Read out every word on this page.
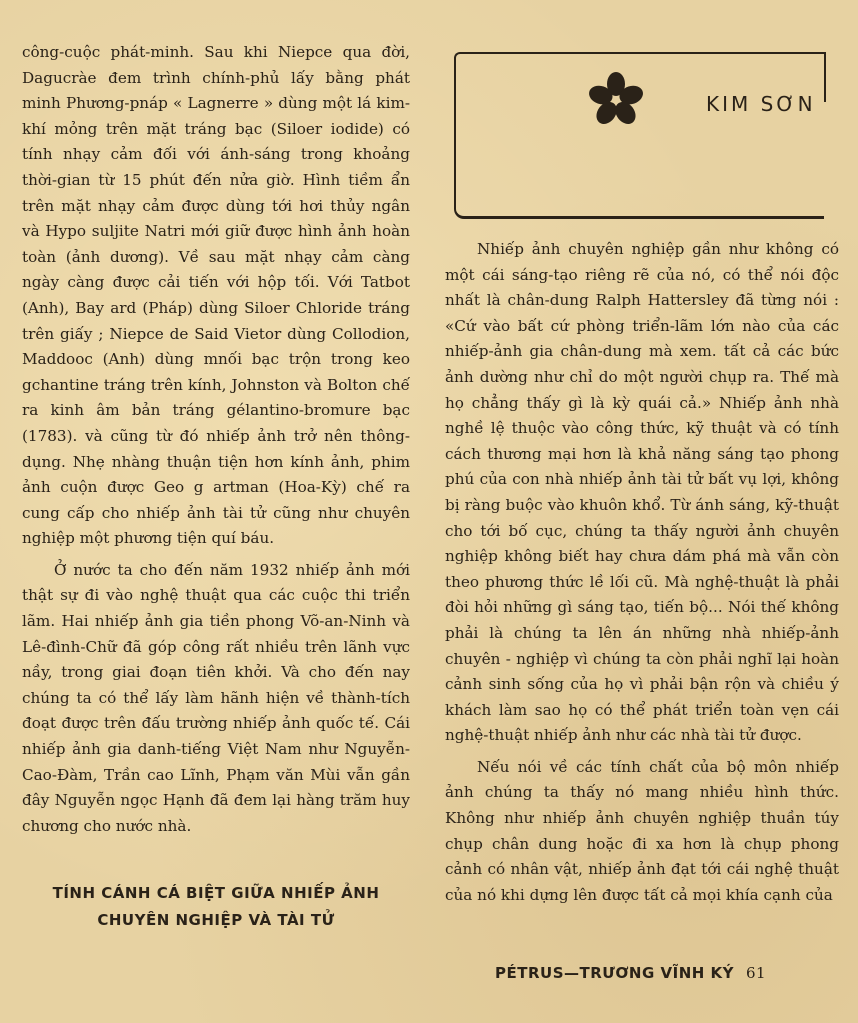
công-cuộc phát-minh. Sau khi Niepce qua đời, Dagucràe đem trình chính-phủ lấy bằng phát minh Phương-pnáp « Lagnerre » dùng một lá kim-khí mỏng trên mặt tráng bạc (Siloer iodide) có tính nhạy cảm đối với ánh-sáng trong khoảng thời-gian từ 15 phút đến nửa giờ. Hình tiềm ẩn trên mặt nhạy cảm được dùng tới hơi thủy ngân và Hypo suljite Natri mới giữ được hình ảnh hoàn toàn (ảnh dương). Về sau mặt nhạy cảm càng ngày càng được cải tiến với hộp tối. Với Tatbot (Anh), Bay ard (Pháp) dùng Siloer Chloride tráng trên giấy ; Niepce de Said Vietor dùng Collodion, Maddooc (Anh) dùng mnối bạc trộn trong keo gchantine tráng trên kính, Johnston và Bolton chế ra kinh âm bản tráng gélantino-bromure bạc (1783). và cũng từ đó nhiếp ảnh trở nên thông-dụng. Nhẹ nhàng thuận tiện hơn kính ảnh, phim ảnh cuộn được Geo g artman (Hoa-Kỳ) chế ra cung cấp cho nhiếp ảnh tài tử cũng như chuyên nghiệp một phương tiện quí báu.

Ở nước ta cho đến năm 1932 nhiếp ảnh mới thật sự đi vào nghệ thuật qua các cuộc thi triển lãm. Hai nhiếp ảnh gia tiền phong Võ-an-Ninh và Lê-đình-Chữ đã góp công rất nhiều trên lãnh vực nầy, trong giai đoạn tiên khởi. Và cho đến nay chúng ta có thể lấy làm hãnh hiện về thành-tích đoạt được trên đấu trường nhiếp ảnh quốc tế. Cái nhiếp ảnh gia danh-tiếng Việt Nam như Nguyễn-Cao-Đàm, Trần cao Lĩnh, Phạm văn Mùi vẫn gần đây Nguyễn ngọc Hạnh đã đem lại hàng trăm huy chương cho nước nhà.

TÍNH CÁNH CÁ BIỆT GIỮA NHIẾP ẢNH
CHUYÊN NGHIỆP VÀ TÀI TỬ
KIM SƠN

Nhiếp ảnh chuyên nghiệp gần như không có một cái sáng-tạo riêng rẽ của nó, có thể nói độc nhất là chân-dung Ralph Hattersley đã từng nói : «Cứ vào bất cứ phòng triển-lãm lớn nào của các nhiếp-ảnh gia chân-dung mà xem. tất cả các bức ảnh dường như chỉ do một người chụp ra. Thế mà họ chẳng thấy gì là kỳ quái cả.» Nhiếp ảnh nhà nghề lệ thuộc vào công thức, kỹ thuật và có tính cách thương mại hơn là khả năng sáng tạo phong phú của con nhà nhiếp ảnh tài tử bất vụ lợi, không bị ràng buộc vào khuôn khổ. Từ ánh sáng, kỹ-thuật cho tới bố cục, chúng ta thấy người ảnh chuyên nghiệp không biết hay chưa dám phá mà vẫn còn theo phương thức lề lối cũ. Mà nghệ-thuật là phải đòi hỏi những gì sáng tạo, tiến bộ... Nói thế không phải là chúng ta lên án những nhà nhiếp-ảnh chuyên - nghiệp vì chúng ta còn phải nghĩ lại hoàn cảnh sinh sống của họ vì phải bận rộn và chiều ý khách làm sao họ có thể phát triển toàn vẹn cái nghệ-thuật nhiếp ảnh như các nhà tài tử được.

Nếu nói về các tính chất của bộ môn nhiếp ảnh chúng ta thấy nó mang nhiều hình thức. Không như nhiếp ảnh chuyên nghiệp thuần túy chụp chân dung hoặc đi xa hơn là chụp phong cảnh có nhân vật, nhiếp ảnh đạt tới cái nghệ thuật của nó khi dựng lên được tất cả mọi khía cạnh của

PÉTRUS—TRƯƠNG VĨNH KÝ 61
